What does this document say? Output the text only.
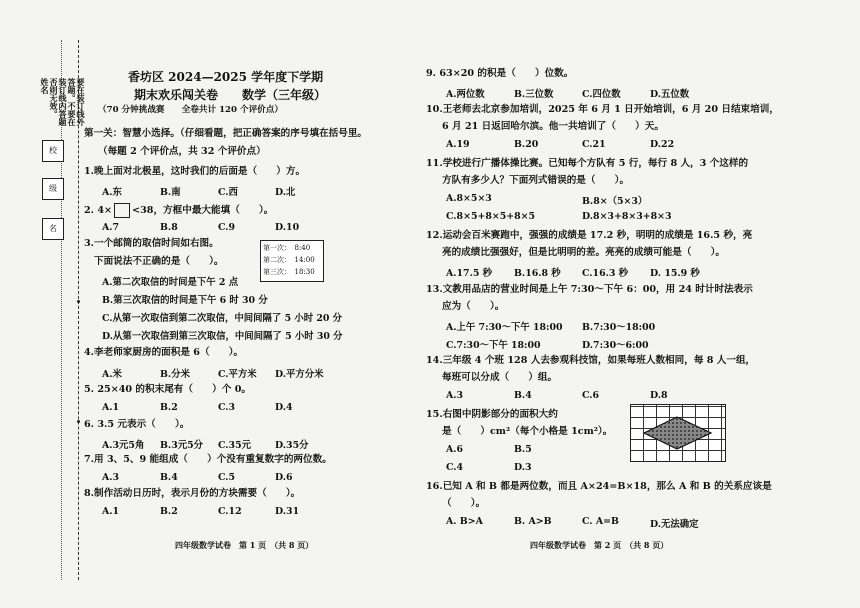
要在装订线外
答题。不要在
装订线内答题
否则无效。
姓名
校
级
名
香坊区 2024—2025 学年度下学期
期末欢乐闯关卷　　数学（三年级）
（70 分钟挑战赛　　全卷共计 120 个评价点）
第一关：智慧小选择。（仔细看题，把正确答案的序号填在括号里。
（每题 2 个评价点，共 32 个评价点）
1.晚上面对北极星，这时我们的后面是（　　）方。
A.东	B.南	C.西	D.北
2. 4× <38，方框中最大能填（　　）。
A.7	B.8	C.9	D.10
3.一个邮筒的取信时间如右图。
下面说法不正确的是（　　）。
第一次：　8:40
第二次：　14:00
第三次：　18:30
A.第二次取信的时间是下午 2 点
B.第三次取信的时间是下午 6 时 30 分
C.从第一次取信到第二次取信，中间间隔了 5 小时 20 分
D.从第一次取信到第三次取信，中间间隔了 5 小时 30 分
4.李老师家厨房的面积是 6（　　）。
A.米	B.分米	C.平方米 D.平方分米
5. 25×40 的积末尾有（　　）个 0。
A.1	B.2	C.3	D.4
6. 3.5 元表示（　　）。
A.3元5角 B.3元5分 C.35元	D.35分
7.用 3、5、9 能组成（　　）个没有重复数字的两位数。
A.3	B.4	C.5	D.6
8.制作活动日历时，表示月份的方块需要（　　）。
A.1	B.2	C.12	D.31
四年级数学试卷　第 1 页　（共 8 页）
9. 63×20 的积是（　　）位数。
A.两位数	B.三位数	C.四位数	D.五位数
10.王老师去北京参加培训，2025 年 6 月 1 日开始培训，6 月 20 日结束培训，
6 月 21 日返回哈尔滨。他一共培训了（　　）天。
A.19	B.20	C.21	D.22
11.学校进行广播体操比赛。已知每个方队有 5 行，每行 8 人，3 个这样的
方队有多少人？下面列式错误的是（　　）。
A.8×5×3	B.8×（5×3）
C.8×5+8×5+8×5	D.8×3+8×3+8×3
12.运动会百米赛跑中，强强的成绩是 17.2 秒，明明的成绩是 16.5 秒，亮
亮的成绩比强强好，但是比明明的差。亮亮的成绩可能是（　　）。
A.17.5 秒 B.16.8 秒 C.16.3 秒 D. 15.9 秒
13.文教用品店的营业时间是上午 7:30～下午 6：00，用 24 时计时法表示
应为（　　）。
A.上午 7:30～下午 18:00 B.7:30～18:00
C.7:30～下午 18:00	D.7:30～6:00
14.三年级 4 个班 128 人去参观科技馆，如果每班人数相同，每 8 人一组，
每班可以分成（　　）组。
A.3	B.4	C.6	D.8
15.右图中阴影部分的面积大约
是（　　）cm²（每个小格是 1cm²）。
A.6	B.5
C.4	D.3
16.已知 A 和 B 都是两位数，而且 A×24=B×18，那么 A 和 B 的关系应该是
（　　）。
A. B>A	B. A>B	C. A=B	D.无法确定
四年级数学试卷　第 2 页　（共 8 页）
